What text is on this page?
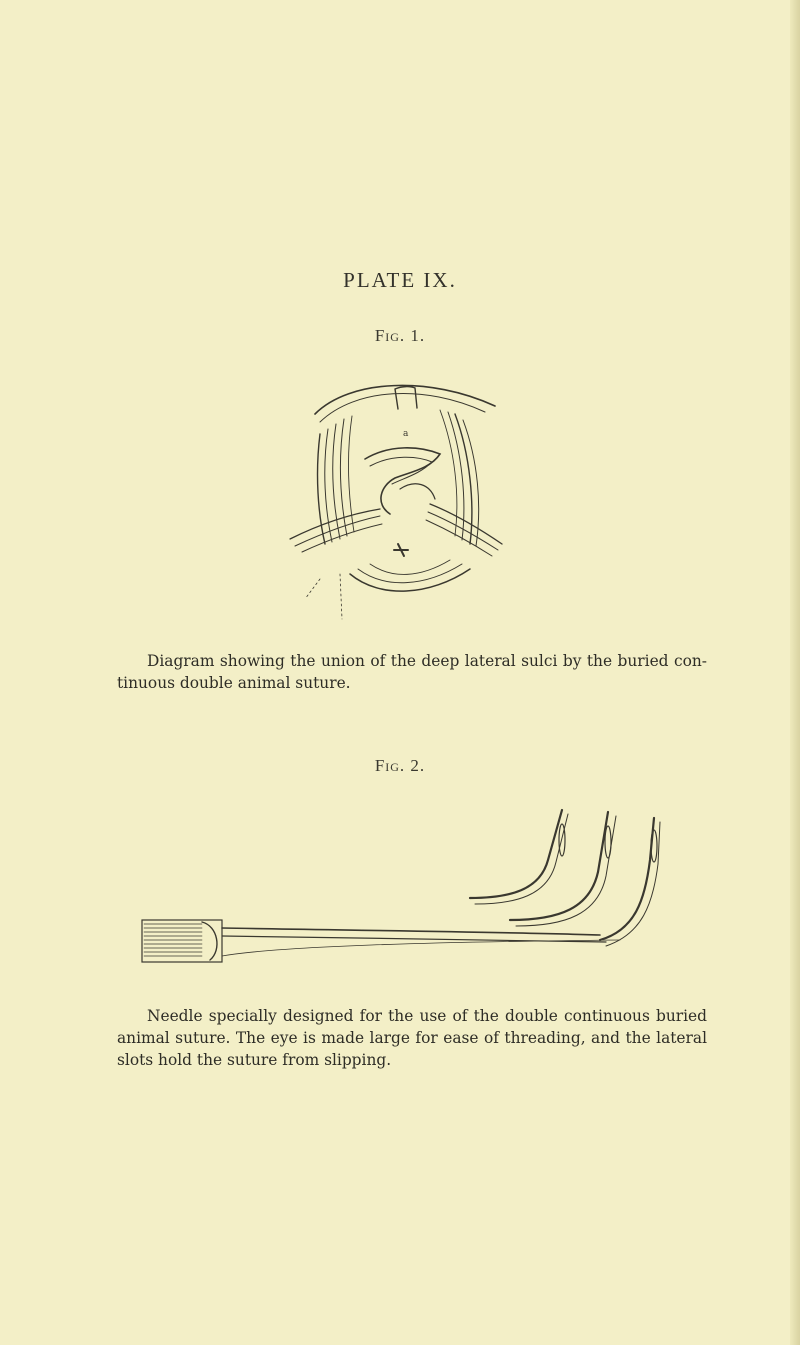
PLATE IX.
Fig. 1.
a
Diagram showing the union of the deep lateral sulci by the buried con- tinuous double animal suture.
Fig. 2.
Needle specially designed for the use of the double continuous buried animal suture. The eye is made large for ease of threading, and the lateral slots hold the suture from slipping.
